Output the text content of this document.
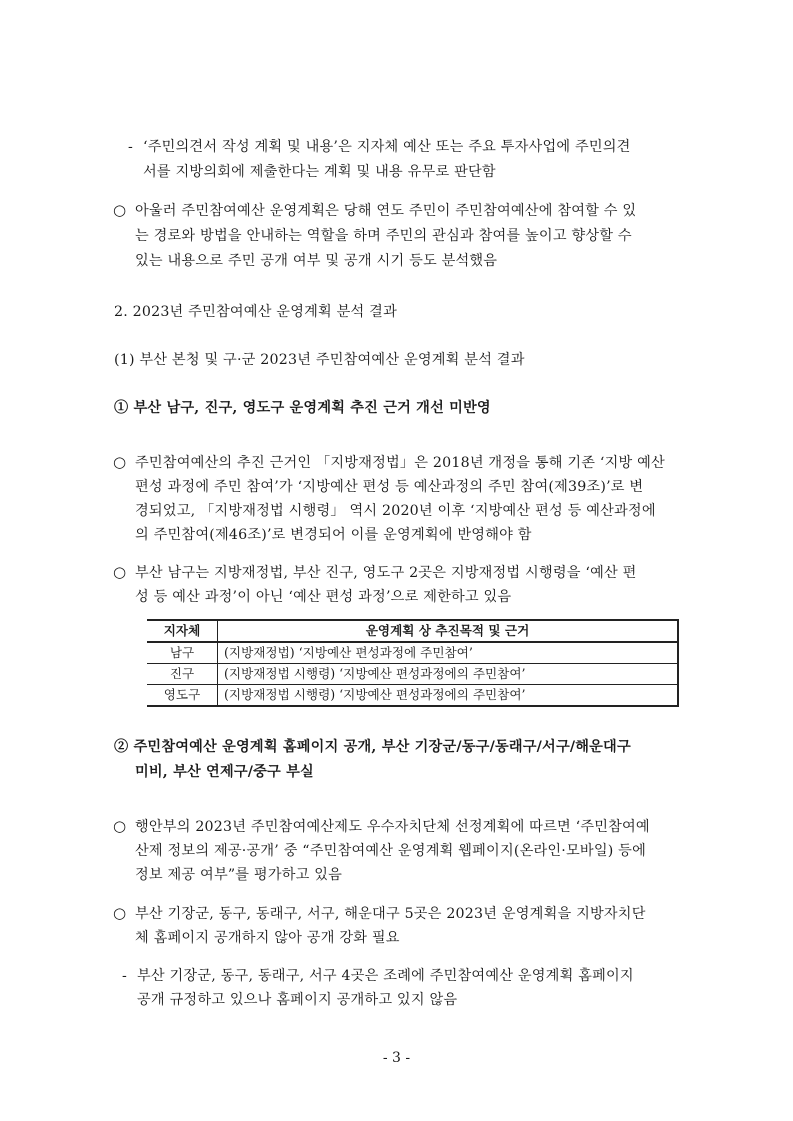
- ‘주민의견서 작성 계획 및 내용’은 지자체 예산 또는 주요 투자사업에 주민의견
서를 지방의회에 제출한다는 계획 및 내용 유무로 판단함
○ 아울러 주민참여예산 운영계획은 당해 연도 주민이 주민참여예산에 참여할 수 있
는 경로와 방법을 안내하는 역할을 하며 주민의 관심과 참여를 높이고 향상할 수
있는 내용으로 주민 공개 여부 및 공개 시기 등도 분석했음
2. 2023년 주민참여예산 운영계획 분석 결과
(1) 부산 본청 및 구·군 2023년 주민참여예산 운영계획 분석 결과
① 부산 남구, 진구, 영도구 운영계획 추진 근거 개선 미반영
○ 주민참여예산의 추진 근거인 「지방재정법」은 2018년 개정을 통해 기존 ‘지방 예산
편성 과정에 주민 참여’가 ‘지방예산 편성 등 예산과정의 주민 참여(제39조)’로 변
경되었고, 「지방재정법 시행령」 역시 2020년 이후 ‘지방예산 편성 등 예산과정에
의 주민참여(제46조)’로 변경되어 이를 운영계획에 반영해야 함
○ 부산 남구는 지방재정법, 부산 진구, 영도구 2곳은 지방재정법 시행령을 ‘예산 편
성 등 예산 과정’이 아닌 ‘예산 편성 과정’으로 제한하고 있음
지자체	운영계획 상 추진목적 및 근거
남구	(지방재정법) ‘지방예산 편성과정에 주민참여’
진구	(지방재정법 시행령) ‘지방예산 편성과정에의 주민참여’
영도구	(지방재정법 시행령) ‘지방예산 편성과정에의 주민참여’
② 주민참여예산 운영계획 홈페이지 공개, 부산 기장군/동구/동래구/서구/해운대구
미비, 부산 연제구/중구 부실
○ 행안부의 2023년 주민참여예산제도 우수자치단체 선정계획에 따르면 ‘주민참여예
산제 정보의 제공·공개’ 중 “주민참여예산 운영계획 웹페이지(온라인·모바일) 등에
정보 제공 여부”를 평가하고 있음
○ 부산 기장군, 동구, 동래구, 서구, 해운대구 5곳은 2023년 운영계획을 지방자치단
체 홈페이지 공개하지 않아 공개 강화 필요
- 부산 기장군, 동구, 동래구, 서구 4곳은 조례에 주민참여예산 운영계획 홈페이지
공개 규정하고 있으나 홈페이지 공개하고 있지 않음
- 3 -
